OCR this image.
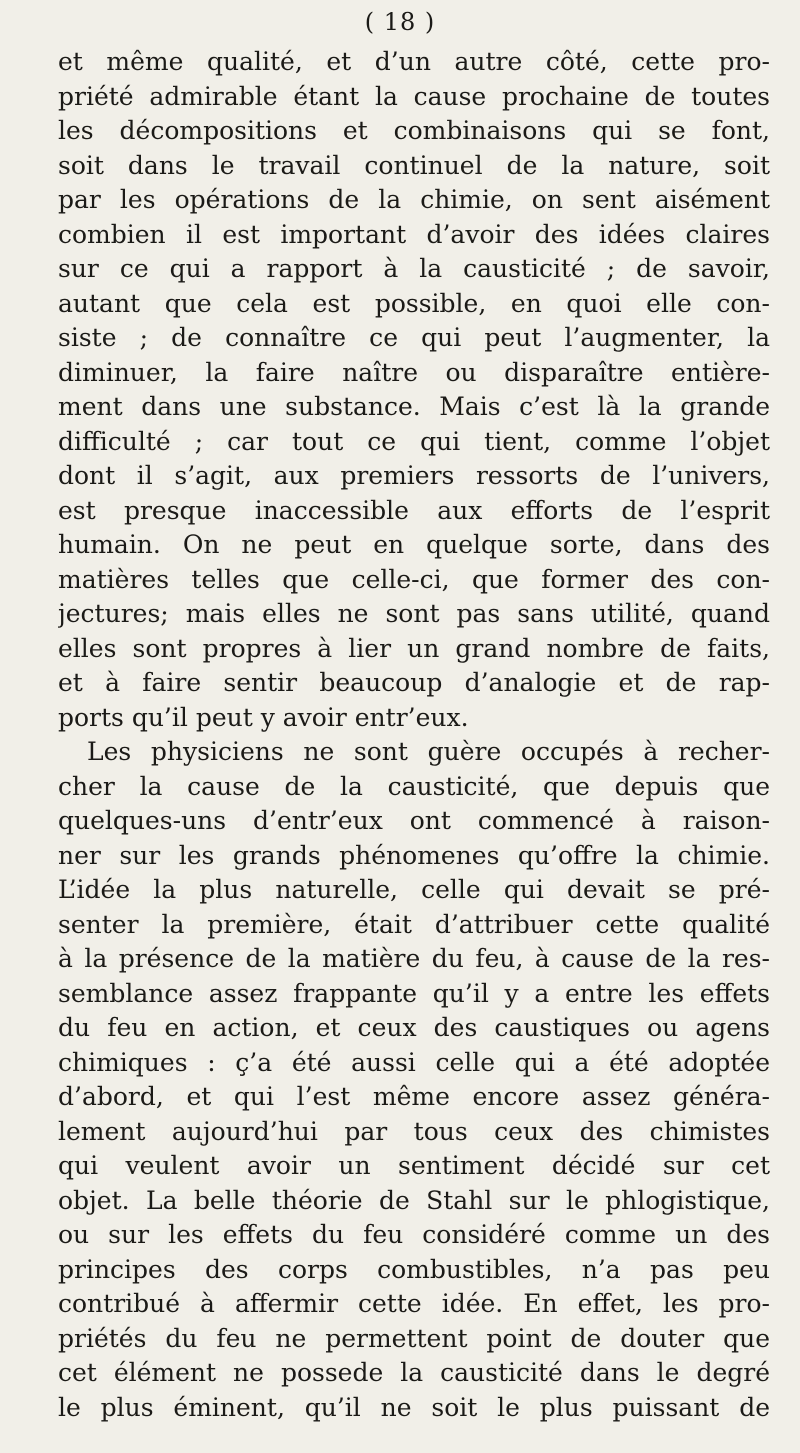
( 18 )
et même qualité, et d’un autre côté, cette pro-
priété admirable étant la cause prochaine de toutes
les décompositions et combinaisons qui se font,
soit dans le travail continuel de la nature, soit
par les opérations de la chimie, on sent aisément
combien il est important d’avoir des idées claires
sur ce qui a rapport à la causticité ; de savoir,
autant que cela est possible, en quoi elle con-
siste ; de connaître ce qui peut l’augmenter, la
diminuer, la faire naître ou disparaître entière-
ment dans une substance. Mais c’est là la grande
difficulté ; car tout ce qui tient, comme l’objet
dont il s’agit, aux premiers ressorts de l’univers,
est presque inaccessible aux efforts de l’esprit
humain. On ne peut en quelque sorte, dans des
matières telles que celle-ci, que former des con-
jectures; mais elles ne sont pas sans utilité, quand
elles sont propres à lier un grand nombre de faits,
et à faire sentir beaucoup d’analogie et de rap-
ports qu’il peut y avoir entr’eux.
Les physiciens ne sont guère occupés à recher-
cher la cause de la causticité, que depuis que
quelques-uns d’entr’eux ont commencé à raison-
ner sur les grands phénomenes qu’offre la chimie.
L’idée la plus naturelle, celle qui devait se pré-
senter la première, était d’attribuer cette qualité
à la présence de la matière du feu, à cause de la res-
semblance assez frappante qu’il y a entre les effets
du feu en action, et ceux des caustiques ou agens
chimiques : ç’a été aussi celle qui a été adoptée
d’abord, et qui l’est même encore assez généra-
lement aujourd’hui par tous ceux des chimistes
qui veulent avoir un sentiment décidé sur cet
objet. La belle théorie de Stahl sur le phlogistique,
ou sur les effets du feu considéré comme un des
principes des corps combustibles, n’a pas peu
contribué à affermir cette idée. En effet, les pro-
priétés du feu ne permettent point de douter que
cet élément ne possede la causticité dans le degré
le plus éminent, qu’il ne soit le plus puissant de
